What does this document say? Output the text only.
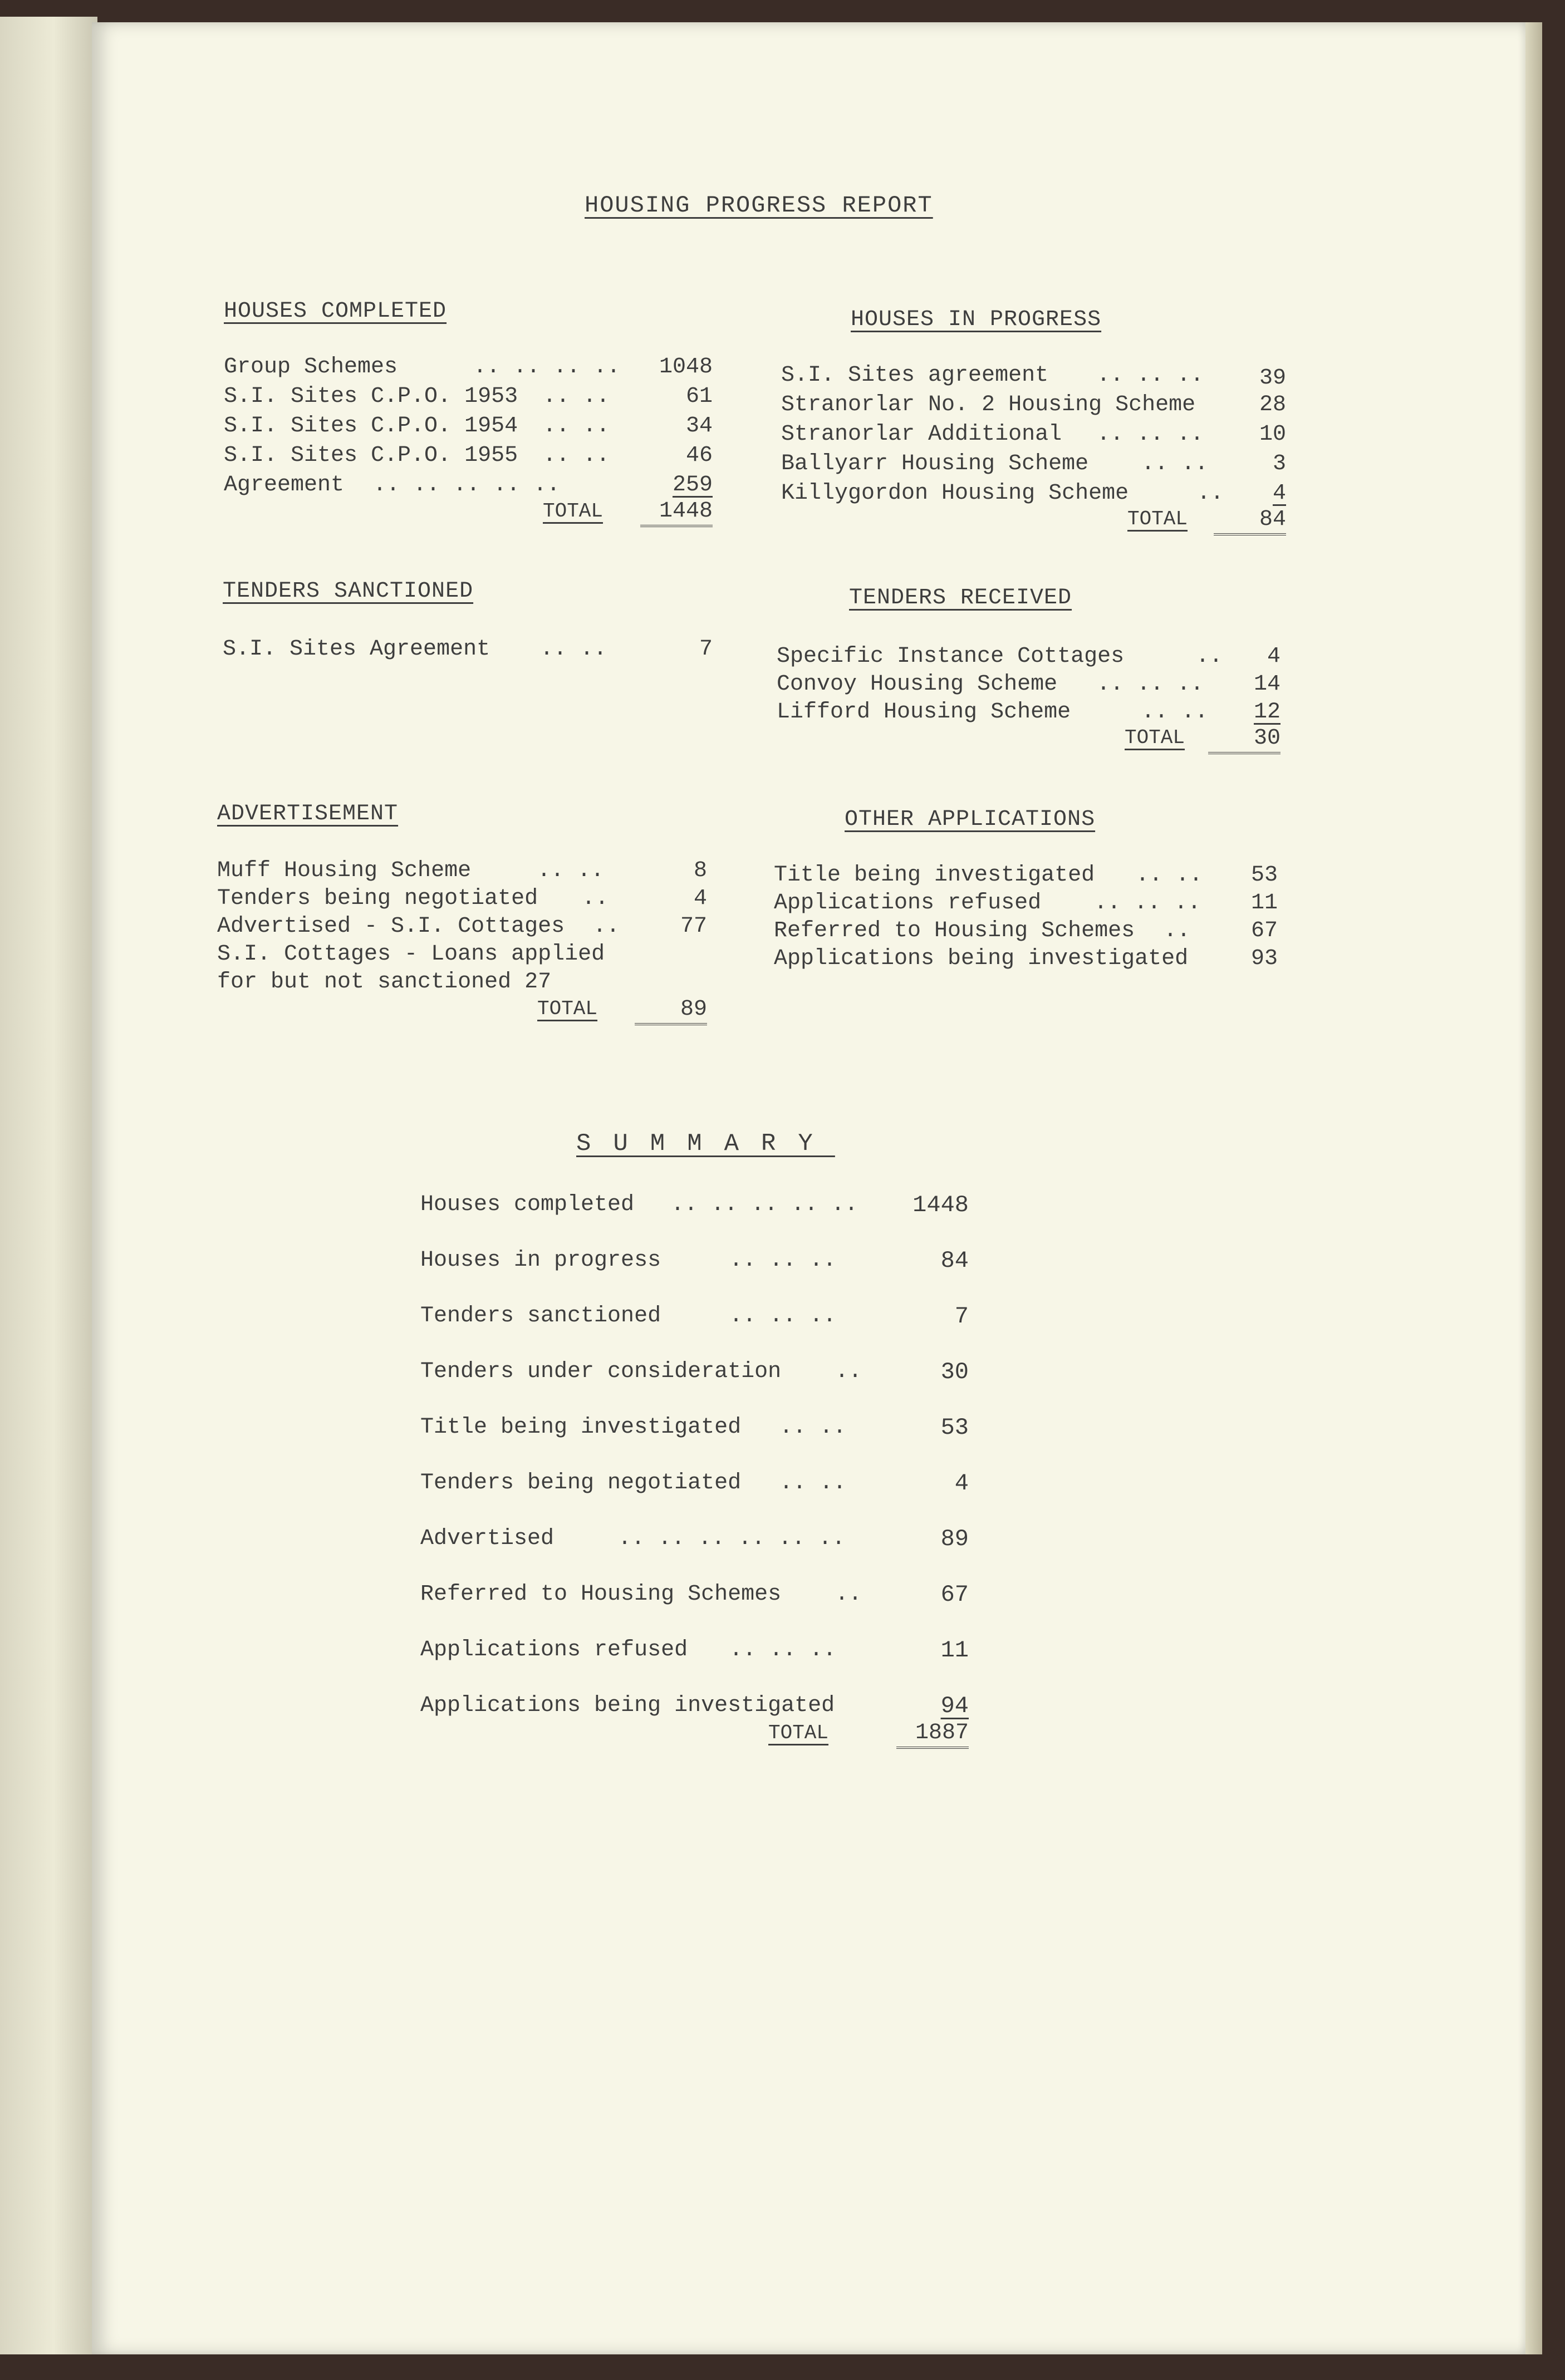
HOUSING PROGRESS REPORT
HOUSES COMPLETED
Group Schemes	.. .. .. ..	1048
S.I. Sites C.P.O. 1953 .. ..	61
S.I. Sites C.P.O. 1954 .. ..	34
S.I. Sites C.P.O. 1955 .. ..	46
Agreement .. .. .. .. ..	259
TOTAL	1448
HOUSES IN PROGRESS
S.I. Sites agreement .. .. ..	39
Stranorlar No. 2 Housing Scheme	28
Stranorlar Additional .. .. ..	10
Ballyarr Housing Scheme .. ..	3
Killygordon Housing Scheme	..	4
TOTAL	84
TENDERS SANCTIONED
S.I. Sites Agreement .. ..	7
TENDERS RECEIVED
Specific Instance Cottages	..	4
Convoy Housing Scheme .. .. ..	14
Lifford Housing Scheme	.. ..	12
TOTAL	30
ADVERTISEMENT
Muff Housing Scheme	.. ..	8
Tenders being negotiated ..	4
Advertised - S.I. Cottages ..	77
S.I. Cottages - Loans applied
for but not sanctioned 27
TOTAL	89
OTHER APPLICATIONS
Title being investigated .. ..	53
Applications refused .. .. ..	11
Referred to Housing Schemes ..	67
Applications being investigated	93
SUMMARY
Houses completed .. .. .. .. ..	1448
Houses in progress	.. .. ..	84
Tenders sanctioned	.. .. ..	7
Tenders under consideration ..	30
Title being investigated .. ..	53
Tenders being negotiated .. ..	4
Advertised	.. .. .. .. .. ..	89
Referred to Housing Schemes ..	67
Applications refused .. .. ..	11
Applications being investigated	94
TOTAL	1887
